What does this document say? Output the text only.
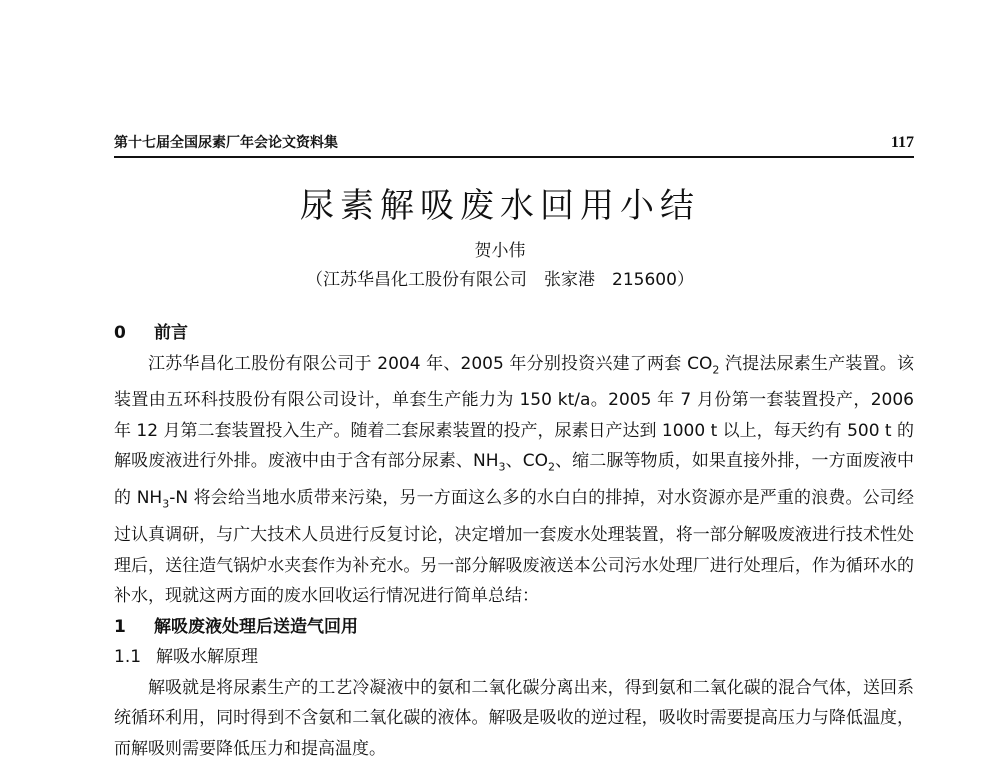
第十七届全国尿素厂年会论文资料集	117
尿素解吸废水回用小结
贺小伟
（江苏华昌化工股份有限公司　张家港　215600）

0 前言

江苏华昌化工股份有限公司于 2004 年、2005 年分别投资兴建了两套 $CO_2$ 汽提法尿素生产装置。该装置由五环科技股份有限公司设计，单套生产能力为 150 kt/a。2005 年 7 月份第一套装置投产，2006 年 12 月第二套装置投入生产。随着二套尿素装置的投产，尿素日产达到 1000 t 以上，每天约有 500 t 的解吸废液进行外排。废液中由于含有部分尿素、$NH_3$、$CO_2$、缩二脲等物质，如果直接外排，一方面废液中的 $NH_3-N$ 将会给当地水质带来污染，另一方面这么多的水白白的排掉，对水资源亦是严重的浪费。公司经过认真调研，与广大技术人员进行反复讨论，决定增加一套废水处理装置，将一部分解吸废液进行技术性处理后，送往造气锅炉水夹套作为补充水。另一部分解吸废液送本公司污水处理厂进行处理后，作为循环水的补水，现就这两方面的废水回收运行情况进行简单总结：

1 解吸废液处理后送造气回用

1.1 解吸水解原理

解吸就是将尿素生产的工艺冷凝液中的氨和二氧化碳分离出来，得到氨和二氧化碳的混合气体，送回系统循环利用，同时得到不含氨和二氧化碳的液体。解吸是吸收的逆过程，吸收时需要提高压力与降低温度，而解吸则需要降低压力和提高温度。
